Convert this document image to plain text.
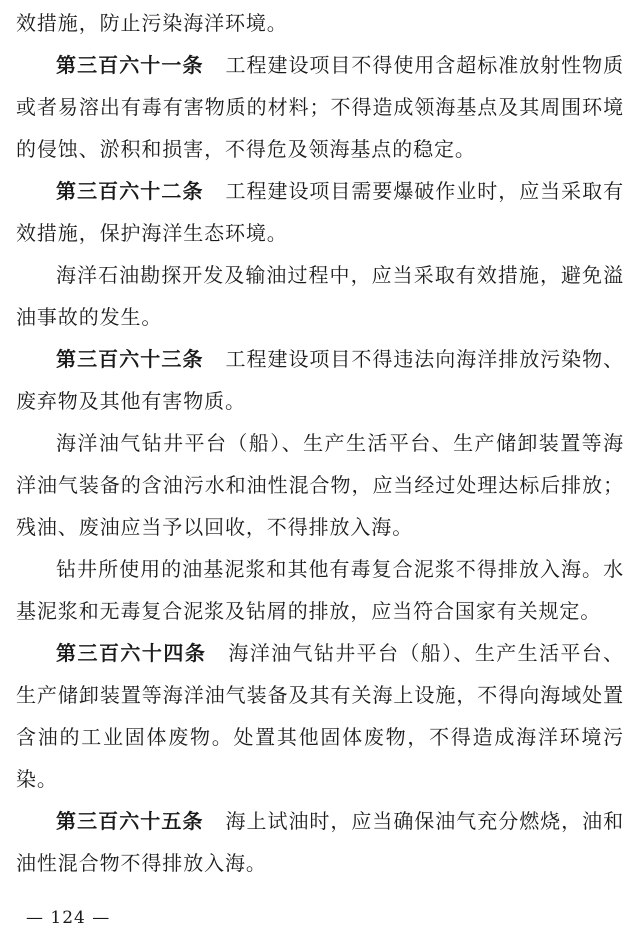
效措施，防止污染海洋环境。

第三百六十一条 工程建设项目不得使用含超标准放射性物质或者易溶出有毒有害物质的材料；不得造成领海基点及其周围环境的侵蚀、淤积和损害，不得危及领海基点的稳定。

第三百六十二条 工程建设项目需要爆破作业时，应当采取有效措施，保护海洋生态环境。

海洋石油勘探开发及输油过程中，应当采取有效措施，避免溢油事故的发生。

第三百六十三条 工程建设项目不得违法向海洋排放污染物、废弃物及其他有害物质。

海洋油气钻井平台（船）、生产生活平台、生产储卸装置等海洋油气装备的含油污水和油性混合物，应当经过处理达标后排放；残油、废油应当予以回收，不得排放入海。

钻井所使用的油基泥浆和其他有毒复合泥浆不得排放入海。水基泥浆和无毒复合泥浆及钻屑的排放，应当符合国家有关规定。

第三百六十四条 海洋油气钻井平台（船）、生产生活平台、生产储卸装置等海洋油气装备及其有关海上设施，不得向海域处置含油的工业固体废物。处置其他固体废物，不得造成海洋环境污染。

第三百六十五条 海上试油时，应当确保油气充分燃烧，油和油性混合物不得排放入海。

— 124 —
